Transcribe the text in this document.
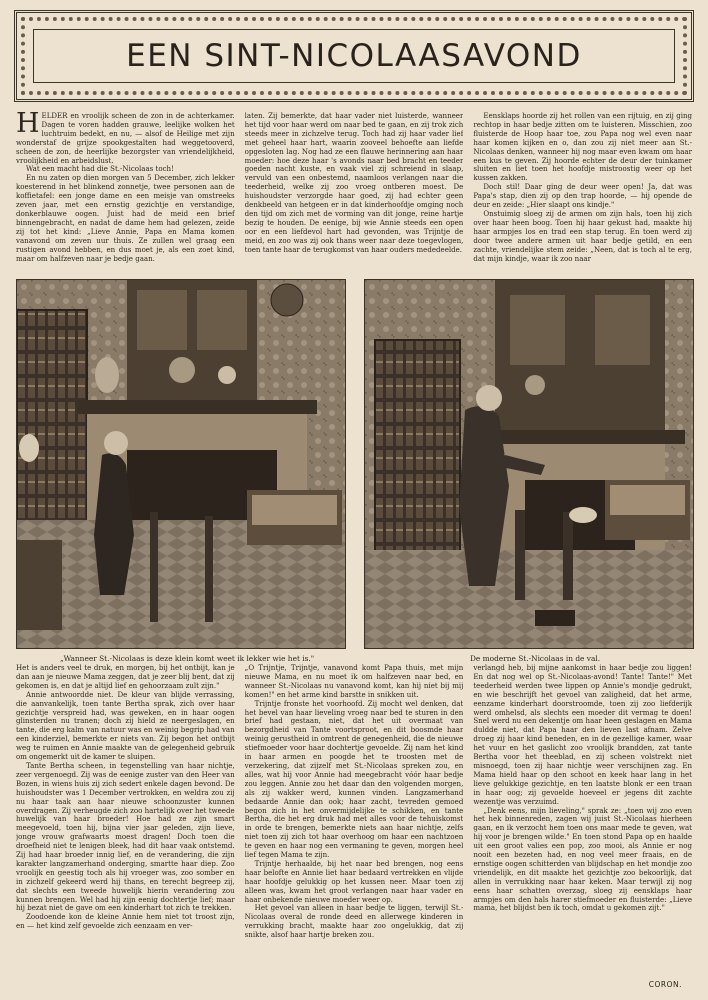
EEN SINT-NICOLAASAVOND

HELDER en vroolijk scheen de zon in de achterkamer. Dagen te voren hadden grauwe, leelijke wolken het luchtruim bedekt, en nu, — alsof de Heilige met zijn wonderstaf de grijze spookgestalten had weggetooverd, scheen de zon, de heerlijke bezorgster van vriendelijkheid, vroolijkheid en arbeidslust.

Wat een macht had die St.-Nicolaas toch!

En nu zaten op dien morgen van 5 December, zich lekker koesterend in het blinkend zonnetje, twee personen aan de koffietafel: een jonge dame en een meisje van omstreeks zeven jaar, met een ernstig gezichtje en verstandige, donkerblauwe oogen. Juist had de meid een brief binnengebracht, en nadat de dame hem had gelezen, zeide zij tot het kind: „Lieve Annie, Papa en Mama komen vanavond om zeven uur thuis. Ze zullen wel graag een rustigen avond hebben, en dus moet je, als een zoet kind, maar om halfzeven naar je bedje gaan.

laten. Zij bemerkte, dat haar vader niet luisterde, wanneer het tijd voor haar werd om naar bed te gaan, en zij trok zich steeds meer in zichzelve terug. Toch had zij haar vader lief met geheel haar hart, waarin zooveel behoefte aan liefde opgesloten lag. Nog had ze een flauwe herinnering aan haar moeder: hoe deze haar 's avonds naar bed bracht en teeder goeden nacht kuste, en vaak viel zij schreiend in slaap, vervuld van een onbestemd, naamloos verlangen naar die teederheid, welke zij zoo vroeg ontberen moest. De huishoudster verzorgde haar goed, zij had echter geen denkbeeld van hetgeen er in dat kinderhoofdje omging noch den tijd om zich met de vorming van dit jonge, reine hartje bezig te houden. De eenige, bij wie Annie steeds een open oor en een liefdevol hart had gevonden, was Trijntje de meid, en zoo was zij ook thans weer naar deze toegevlogen, toen tante haar de terugkomst van haar ouders mededeelde.

Eensklaps hoorde zij het rollen van een rijtuig, en zij ging rechtop in haar bedje zitten om te luisteren. Misschien, zoo fluisterde de Hoop haar toe, zou Papa nog wel even naar haar komen kijken en o, dan zou zij niet meer aan St.-Nicolaas denken, wanneer hij nog maar even kwam om haar een kus te geven. Zij hoorde echter de deur der tuinkamer sluiten en liet toen het hoofdje mistroostig weer op het kussen zakken.

Doch stil! Daar ging de deur weer open! Ja, dat was Papa's stap, dien zij op den trap hoorde, — hij opende de deur en zeide: „Hier slaapt ons kindje."

Onstuimig sloeg zij de armen om zijn hals, toen hij zich over haar heen boog. Toen hij haar gekust had, maakte hij haar armpjes los en trad een stap terug. En toen werd zij door twee andere armen uit haar bedje getild, en een zachte, vriendelijke stem zeide: „Neen, dat is toch al te erg, dat mijn kindje, waar ik zoo naar

„Wanneer St.-Nicolaas is deze klein komt weet ik lekker wie het is."	De moderne St.-Nicolaas in de val.

Het is anders veel te druk, en morgen, bij het ontbijt, kan je dan aan je nieuwe Mama zeggen, dat je zeer blij bent, dat zij gekomen is, en dat je altijd lief en gehoorzaam zult zijn."

Annie antwoordde niet. De kleur van blijde verrassing, die aanvankelijk, toen tante Bertha sprak, zich over haar gezichtje verspreid had, was geweken, en in haar oogen glinsterden nu tranen; doch zij hield ze neergeslagen, en tante, die erg kalm van natuur was en weinig begrip had van een kinderziel, bemerkte er niets van. Zij begon het ontbijt weg te ruimen en Annie maakte van de gelegenheid gebruik om ongemerkt uit de kamer te sluipen.

Tante Bertha scheen, in tegenstelling van haar nichtje, zeer vergenoegd. Zij was de eenige zuster van den Heer van Bozen, in wiens huis zij zich sedert enkele dagen bevond. De huishoudster was 1 December vertrokken, en weldra zou zij nu haar taak aan haar nieuwe schoonzuster kunnen overdragen. Zij verheugde zich zoo hartelijk over het tweede huwelijk van haar broeder! Hoe had ze zijn smart meegevoeld, toen hij, bijna vier jaar geleden, zijn lieve, jonge vrouw grafwaarts moest dragen! Doch toen die droefheid niet te lenigen bleek, had dit haar vaak ontstemd. Zij had haar broeder innig lief, en de verandering, die zijn karakter langzamerhand onderging, smartte haar diep. Zoo vroolijk en geestig toch als hij vroeger was, zoo somber en in zichzelf gekeerd werd hij thans, en terecht begreep zij, dat slechts een tweede huwelijk hierin verandering zou kunnen brengen. Wel had hij zijn eenig dochtertje lief; maar hij bezat niet de gave om een kinderhart tot zich te trekken.

Zoodoende kon de kleine Annie hem niet tot troost zijn, en — het kind zelf gevoelde zich eenzaam en ver-

„O Trijntje, Trijntje, vanavond komt Papa thuis, met mijn nieuwe Mama, en nu moet ik om halfzeven naar bed, en wanneer St.-Nicolaas nu vanavond komt, kan hij niet bij mij komen!" en het arme kind barstte in snikken uit.

Trijntje fronste het voorhoofd. Zij mocht wel denken, dat het bevel van haar lieveling vroeg naar bed te sturen in den brief had gestaan, niet, dat het uit overmaat van bezorgdheid van Tante voortsproot, en dit boosmde haar weinig gerustheid in omtrent de genegenheid, die de nieuwe stiefmoeder voor haar dochtertje gevoelde. Zij nam het kind in haar armen en poogde het te troosten met de verzekering, dat zijzelf met St.-Nicolaas spreken zou, en alles, wat hij voor Annie had meegebracht vóór haar bedje zou leggen. Annie zou het daar dan den volgenden morgen, als zij wakker werd, kunnen vinden. Langzamerhand bedaarde Annie dan ook; haar zacht, tevreden gemoed begon zich in het onvermijdelijke te schikken, en tante Bertha, die het erg druk had met alles voor de tehuiskomst in orde te brengen, bemerkte niets aan haar nichtje, zelfs niet toen zij zich tot haar overhoog om haar een nachtzoen te geven en haar nog een vermaning te geven, morgen heel lief tegen Mama te zijn.

Trijntje herhaalde, bij het naar bed brengen, nog eens haar belofte en Annie liet haar bedaard vertrekken en vlijde haar hoofdje gelukkig op het kussen neer. Maar toen zij alleen was, kwam het groot verlangen naar haar vader en haar onbekende nieuwe moeder weer op.

Het gevoel van alleen in haar bedje te liggen, terwijl St.-Nicolaas overal de ronde deed en allerwege kinderen in verrukking bracht, maakte haar zoo ongelukkig, dat zij snikte, alsof haar hartje breken zou.

verlangd heb, bij mijne aankomst in haar bedje zou liggen! En dat nog wel op St.-Nicolaas-avond! Tante! Tante!" Met teederheid werden twee lippen op Annie's mondje gedrukt, en wie beschrijft het gevoel van zaligheid, dat het arme, eenzame kinderhart doorstroomde, toen zij zoo liefderijk werd omhelsd, als slechts een moeder dit vermag te doen! Snel werd nu een dekentje om haar heen geslagen en Mama duldde niet, dat Papa haar den lieven last afnam. Zelve droeg zij haar kind beneden, en in de gezellige kamer, waar het vuur en het gaslicht zoo vroolijk brandden, zat tante Bertha voor het theeblad, en zij scheen volstrekt niet misnoegd, toen zij haar nichtje weer verschijnen zag. En Mama hield haar op den schoot en keek haar lang in het lieve gelukkige gezichtje, en ten laatste blonk er een traan in haar oog; zij gevoelde hoeveel er jegens dit zachte wezentje was verzuimd.

„Denk eens, mijn lieveling," sprak ze: „toen wij zoo even het hek binnenreden, zagen wij juist St.-Nicolaas hierheen gaan, en ik verzocht hem toen ons maar mede te geven, wat hij voor je brengen wilde." En toen stond Papa op en haalde uit een groot valies een pop, zoo mooi, als Annie er nog nooit een bezeten had, en nog veel meer fraais, en de ernstige oogen schitterden van blijdschap en het mondje zoo vriendelijk, en dit maakte het gezichtje zoo bekoorlijk, dat allen in verrukking naar haar keken. Maar terwijl zij nog eens haar schatten overzag, sloeg zij eensklaps haar armpjes om den hals harer stiefmoeder en fluisterde: „Lieve mama, het blijdst ben ik toch, omdat u gekomen zijt."

CORON.
